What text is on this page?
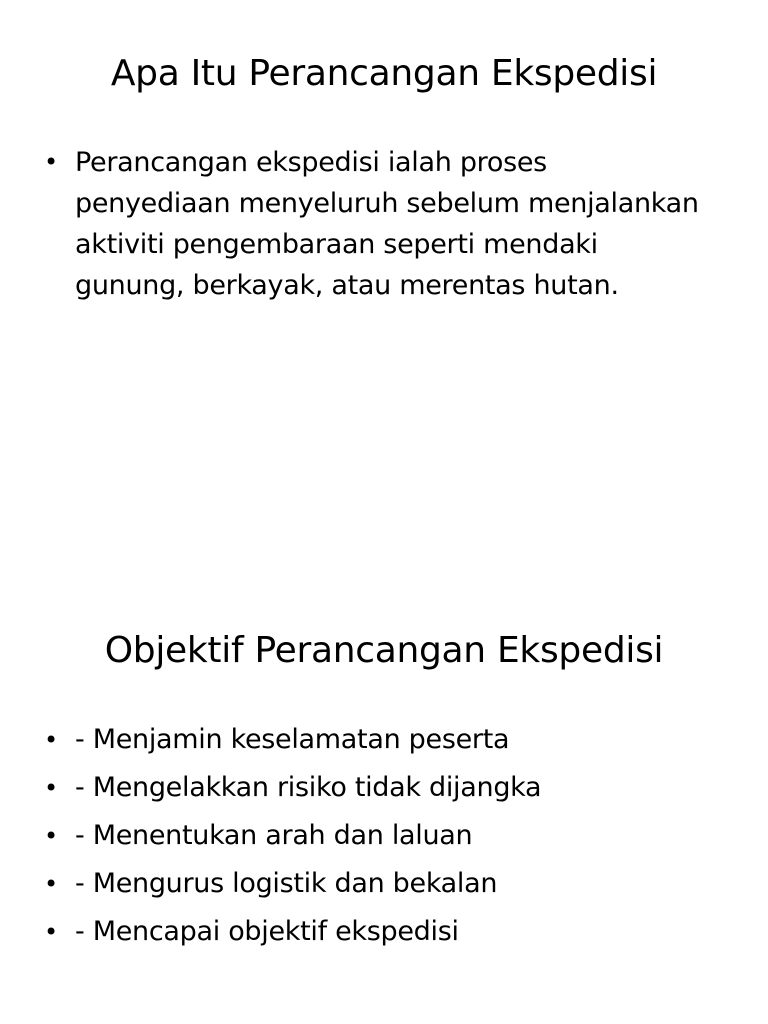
Apa Itu Perancangan Ekspedisi
• Perancangan ekspedisi ialah proses penyediaan menyeluruh sebelum menjalankan aktiviti pengembaraan seperti mendaki gunung, berkayak, atau merentas hutan.
Objektif Perancangan Ekspedisi
• - Menjamin keselamatan peserta
• - Mengelakkan risiko tidak dijangka
• - Menentukan arah dan laluan
• - Mengurus logistik dan bekalan
• - Mencapai objektif ekspedisi
